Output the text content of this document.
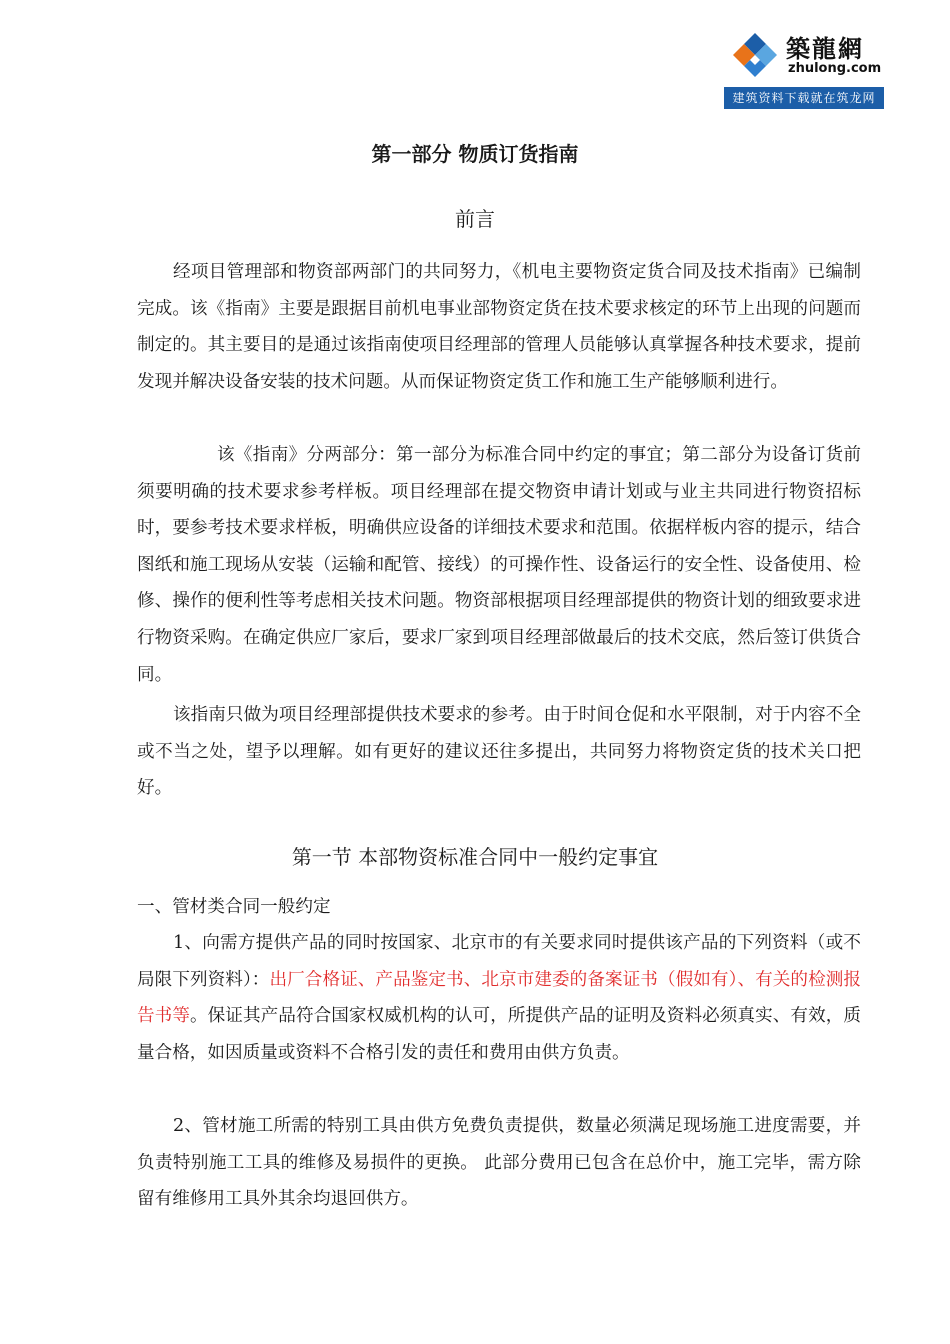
築龍網
zhulong.com
建筑资料下载就在筑龙网
第一部分 物质订货指南
前言
经项目管理部和物资部两部门的共同努力，《机电主要物资定货合同及技术指南》已编制完成。该《指南》主要是跟据目前机电事业部物资定货在技术要求核定的环节上出现的问题而制定的。其主要目的是通过该指南使项目经理部的管理人员能够认真掌握各种技术要求，提前发现并解决设备安装的技术问题。从而保证物资定货工作和施工生产能够顺利进行。
该《指南》分两部分：第一部分为标准合同中约定的事宜；第二部分为设备订货前须要明确的技术要求参考样板。项目经理部在提交物资申请计划或与业主共同进行物资招标时，要参考技术要求样板，明确供应设备的详细技术要求和范围。依据样板内容的提示，结合图纸和施工现场从安装（运输和配管、接线）的可操作性、设备运行的安全性、设备使用、检修、操作的便利性等考虑相关技术问题。物资部根据项目经理部提供的物资计划的细致要求进行物资采购。在确定供应厂家后，要求厂家到项目经理部做最后的技术交底，然后签订供货合同。
该指南只做为项目经理部提供技术要求的参考。由于时间仓促和水平限制，对于内容不全或不当之处，望予以理解。如有更好的建议还往多提出，共同努力将物资定货的技术关口把好。
第一节 本部物资标准合同中一般约定事宜
一、管材类合同一般约定
1、向需方提供产品的同时按国家、北京市的有关要求同时提供该产品的下列资料（或不局限下列资料）：出厂合格证、产品鉴定书、北京市建委的备案证书（假如有）、有关的检测报告书等。保证其产品符合国家权威机构的认可，所提供产品的证明及资料必须真实、有效，质量合格，如因质量或资料不合格引发的责任和费用由供方负责。
2、管材施工所需的特别工具由供方免费负责提供，数量必须满足现场施工进度需要，并负责特别施工工具的维修及易损件的更换。 此部分费用已包含在总价中，施工完毕，需方除留有维修用工具外其余均退回供方。
